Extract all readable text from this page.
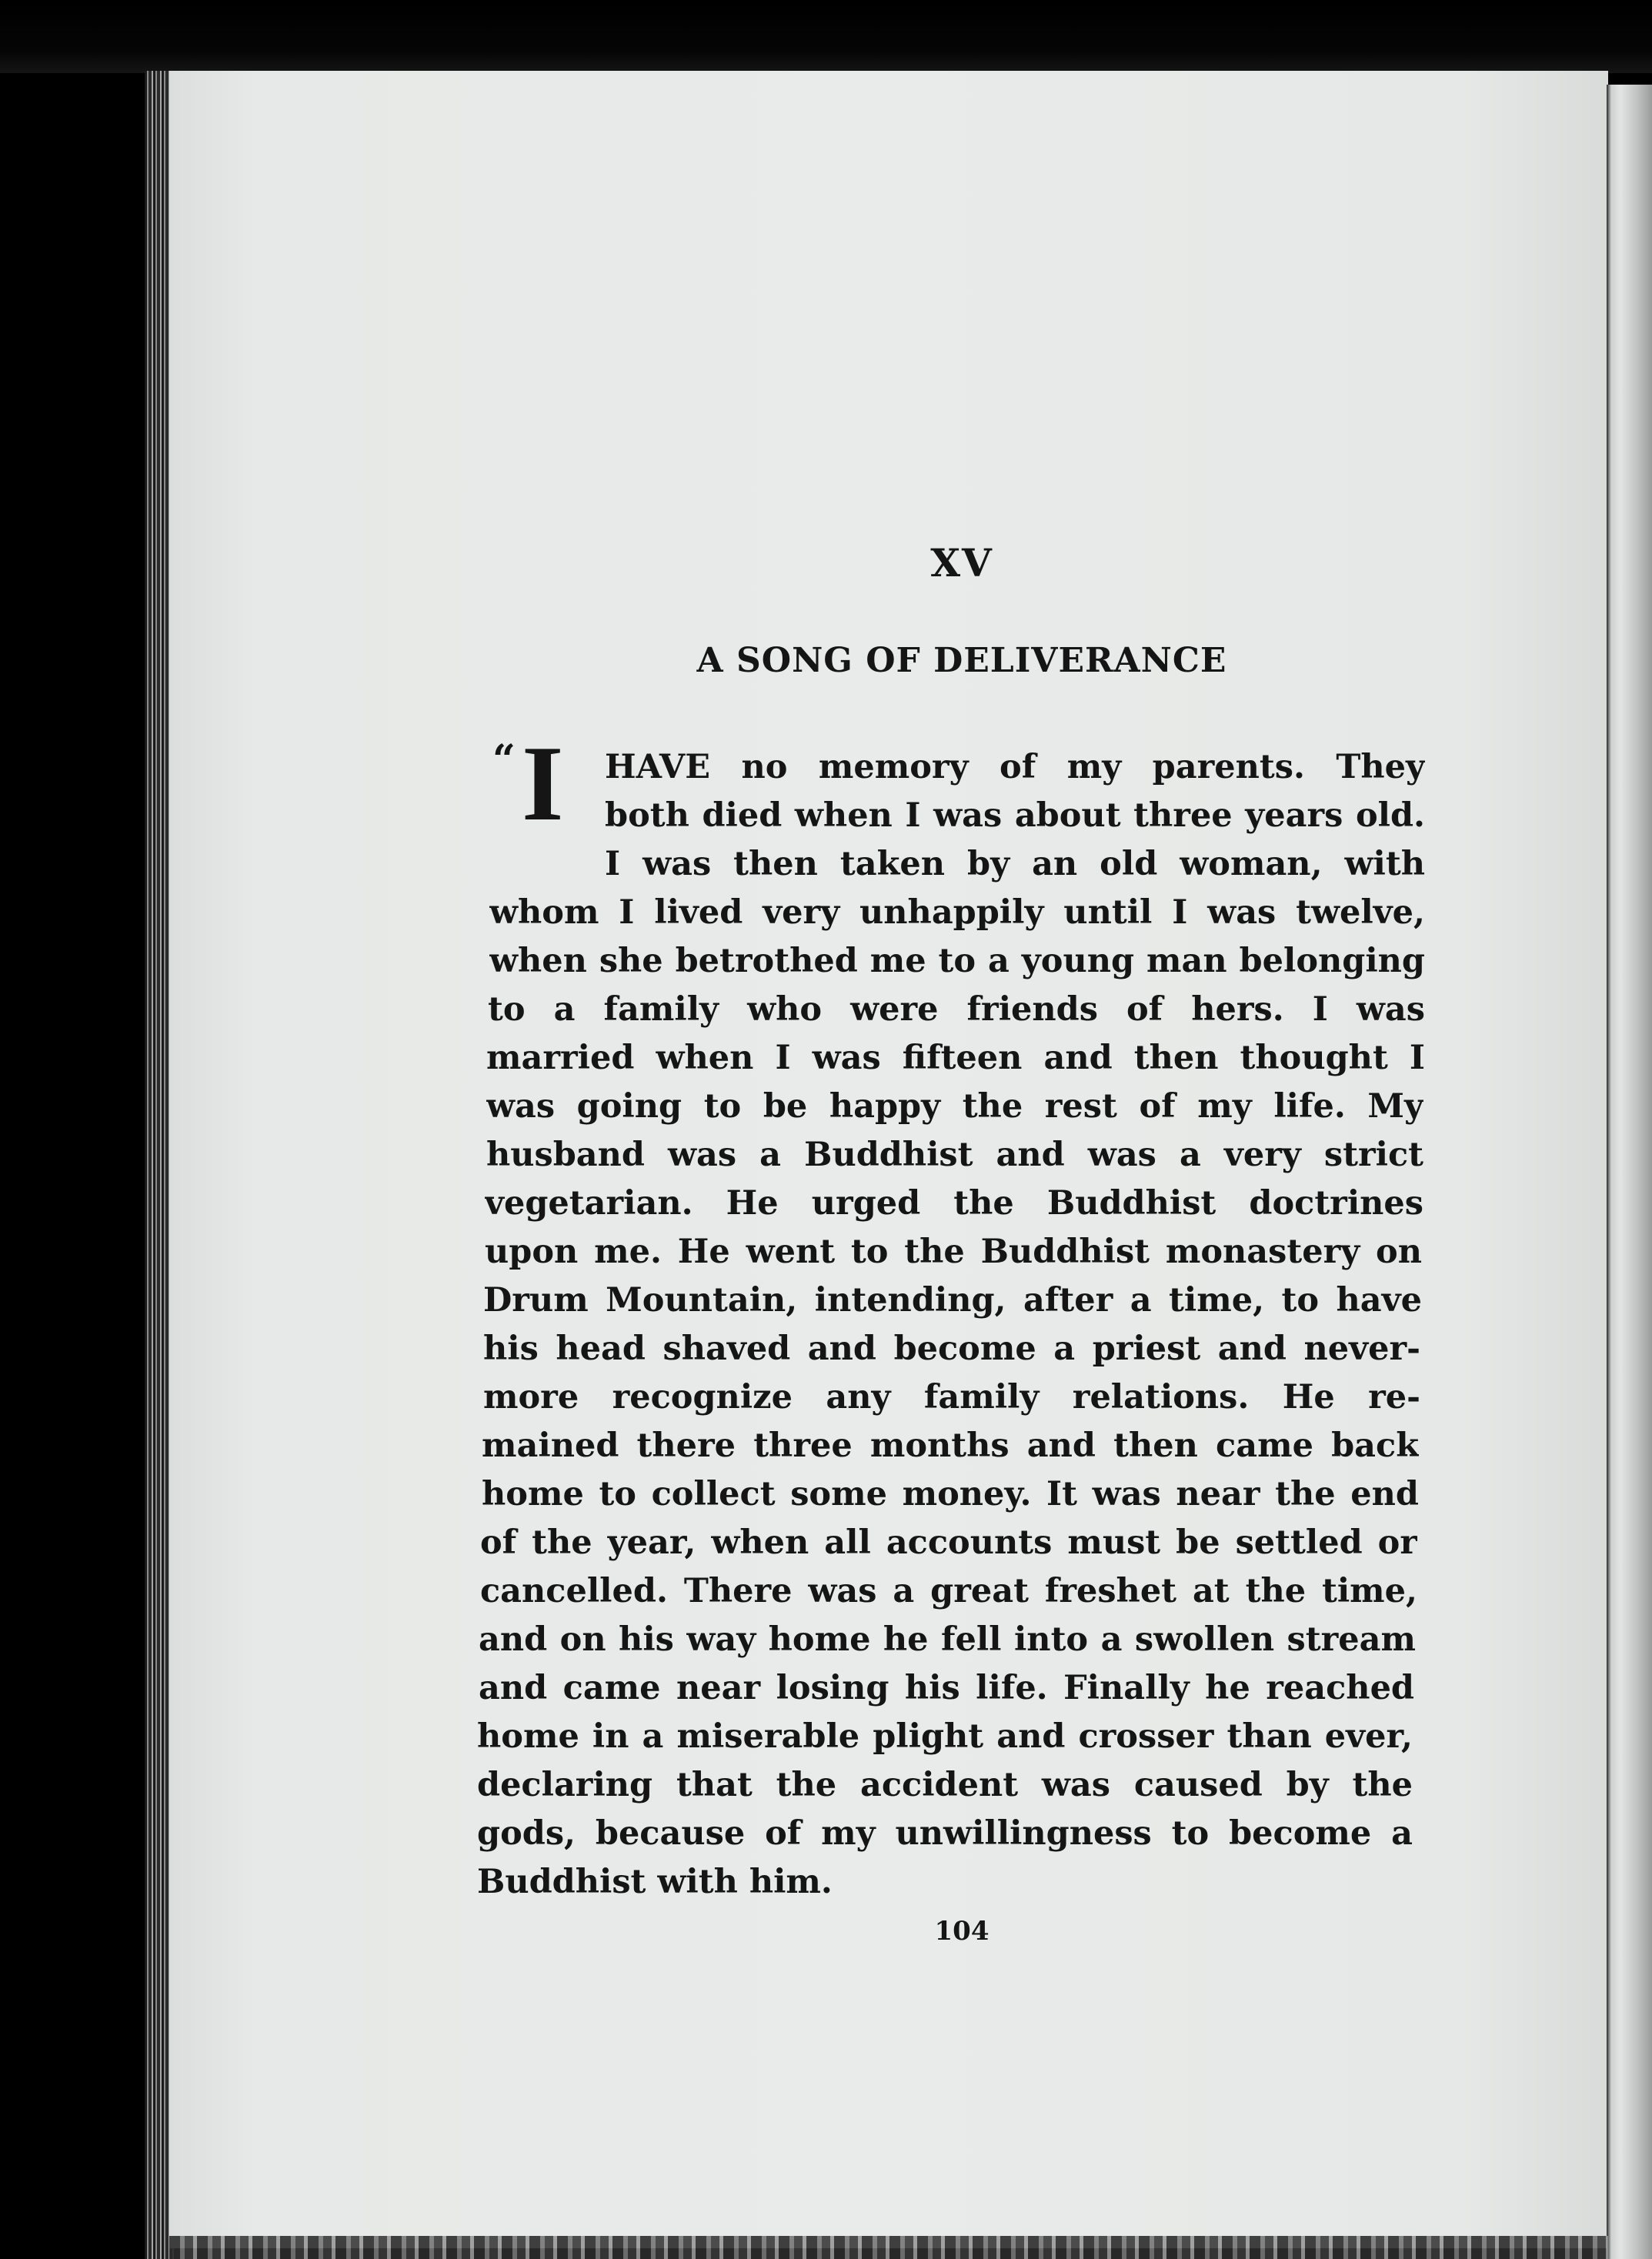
XV
A SONG OF DELIVERANCE
“ I HAVE no memory of my parents. They
both died when I was about three years old.
I was then taken by an old woman, with
whom I lived very unhappily until I was twelve,
when she betrothed me to a young man belonging
to a family who were friends of hers. I was
married when I was fifteen and then thought I
was going to be happy the rest of my life. My
husband was a Buddhist and was a very strict
vegetarian. He urged the Buddhist doctrines
upon me. He went to the Buddhist monastery on
Drum Mountain, intending, after a time, to have
his head shaved and become a priest and never-
more recognize any family relations. He re-
mained there three months and then came back
home to collect some money. It was near the end
of the year, when all accounts must be settled or
cancelled. There was a great freshet at the time,
and on his way home he fell into a swollen stream
and came near losing his life. Finally he reached
home in a miserable plight and crosser than ever,
declaring that the accident was caused by the
gods, because of my unwillingness to become a
Buddhist with him.
104
